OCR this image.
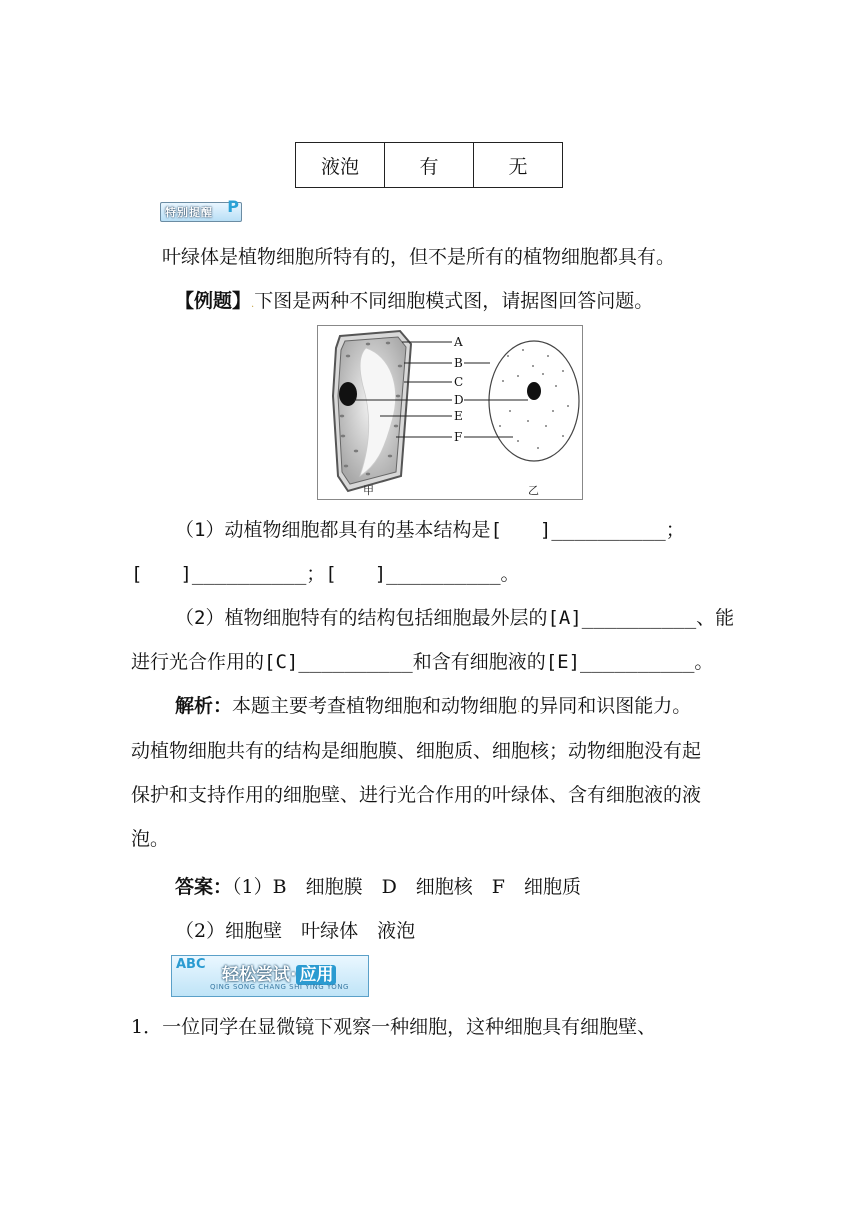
液泡	有	无
特别提醒 P
叶绿体是植物细胞所特有的，但不是所有的植物细胞都具有。
【例题】.下图是两种不同细胞模式图，请据图回答问题。
A
B
C
D
E
F
甲	乙
（1）动植物细胞都具有的基本结构是[　　]__________；
[　　]__________；[　　]__________。
（2）植物细胞特有的结构包括细胞最外层的[A]__________、能
进行光合作用的[C]__________和含有细胞液的[E]__________。
解析：本题主要考查植物细胞和动物细胞.的异同和识图能力。
动植物细胞共有的结构是细胞膜、细胞质、细胞核；动物细胞没有起
保护和支持作用的细胞壁、进行光合作用的叶绿体、含有细胞液的液
泡。
答案：（1）B　细胞膜　D　细胞核　F　细胞质
（2）细胞壁　叶绿体　液泡
ABC
轻松尝试· 应用
QING SONG CHANG SHI YING YONG
1．一位同学在显微镜下观察一种细胞，这种细胞具有细胞壁、
